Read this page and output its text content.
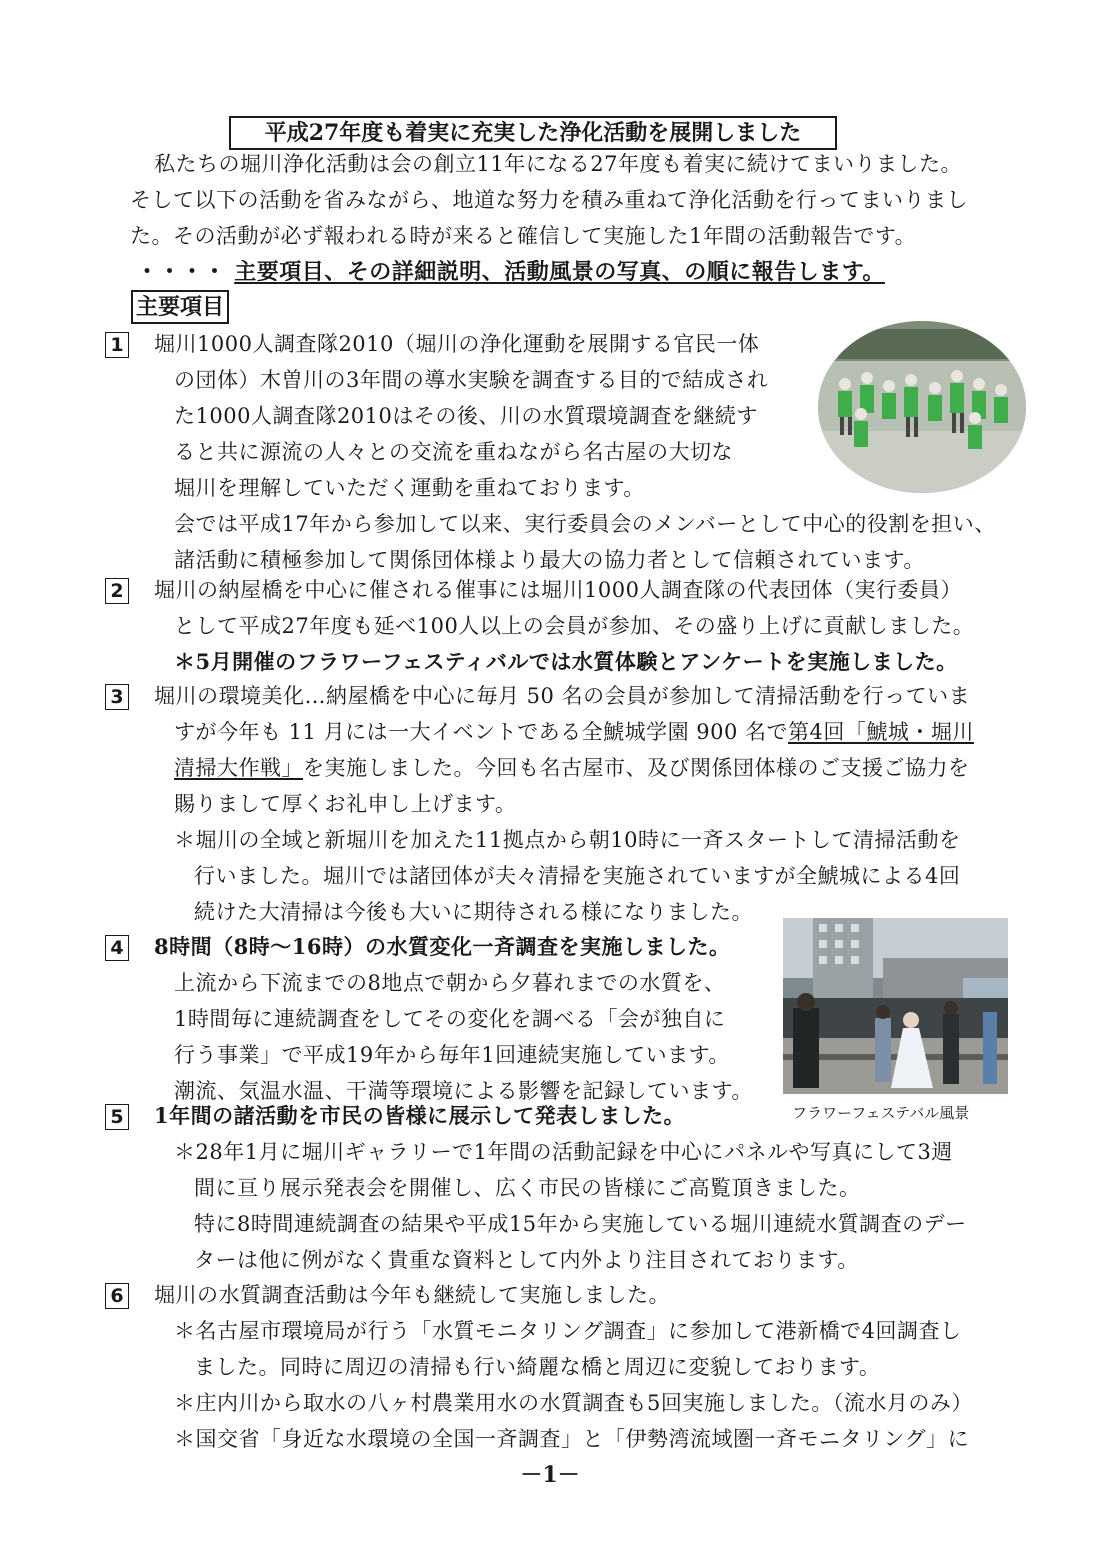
平成27年度も着実に充実した浄化活動を展開しました
私たちの堀川浄化活動は会の創立11年になる27年度も着実に続けてまいりました。
そして以下の活動を省みながら、地道な努力を積み重ねて浄化活動を行ってまいりまし
た。その活動が必ず報われる時が来ると確信して実施した1年間の活動報告です。
・・・・ 主要項目、その詳細説明、活動風景の写真、の順に報告します。
主要項目
1 堀川1000人調査隊2010（堀川の浄化運動を展開する官民一体
の団体）木曽川の3年間の導水実験を調査する目的で結成され
た1000人調査隊2010はその後、川の水質環境調査を継続す
ると共に源流の人々との交流を重ねながら名古屋の大切な
堀川を理解していただく運動を重ねております。
会では平成17年から参加して以来、実行委員会のメンバーとして中心的役割を担い、
諸活動に積極参加して関係団体様より最大の協力者として信頼されています。
2 堀川の納屋橋を中心に催される催事には堀川1000人調査隊の代表団体（実行委員）
として平成27年度も延べ100人以上の会員が参加、その盛り上げに貢献しました。
＊5月開催のフラワーフェスティバルでは水質体験とアンケートを実施しました。
3 堀川の環境美化…納屋橋を中心に毎月 50 名の会員が参加して清掃活動を行っていま
すが今年も 11 月には一大イベントである全鯱城学園 900 名で第4回「鯱城・堀川
清掃大作戦」を実施しました。今回も名古屋市、及び関係団体様のご支援ご協力を
賜りまして厚くお礼申し上げます。
＊堀川の全域と新堀川を加えた11拠点から朝10時に一斉スタートして清掃活動を
行いました。堀川では諸団体が夫々清掃を実施されていますが全鯱城による4回
続けた大清掃は今後も大いに期待される様になりました。
4 8時間（8時～16時）の水質変化一斉調査を実施しました。
上流から下流までの8地点で朝から夕暮れまでの水質を、
1時間毎に連続調査をしてその変化を調べる「会が独自に
行う事業」で平成19年から毎年1回連続実施しています。
潮流、気温水温、干満等環境による影響を記録しています。
5 1年間の諸活動を市民の皆様に展示して発表しました。	フラワーフェステバル風景
＊28年1月に堀川ギャラリーで1年間の活動記録を中心にパネルや写真にして3週
間に亘り展示発表会を開催し、広く市民の皆様にご高覧頂きました。
特に8時間連続調査の結果や平成15年から実施している堀川連続水質調査のデー
ターは他に例がなく貴重な資料として内外より注目されております。
6 堀川の水質調査活動は今年も継続して実施しました。
＊名古屋市環境局が行う「水質モニタリング調査」に参加して港新橋で4回調査し
ました。同時に周辺の清掃も行い綺麗な橋と周辺に変貌しております。
＊庄内川から取水の八ヶ村農業用水の水質調査も5回実施しました。（流水月のみ）
＊国交省「身近な水環境の全国一斉調査」と「伊勢湾流域圏一斉モニタリング」に
－1－
